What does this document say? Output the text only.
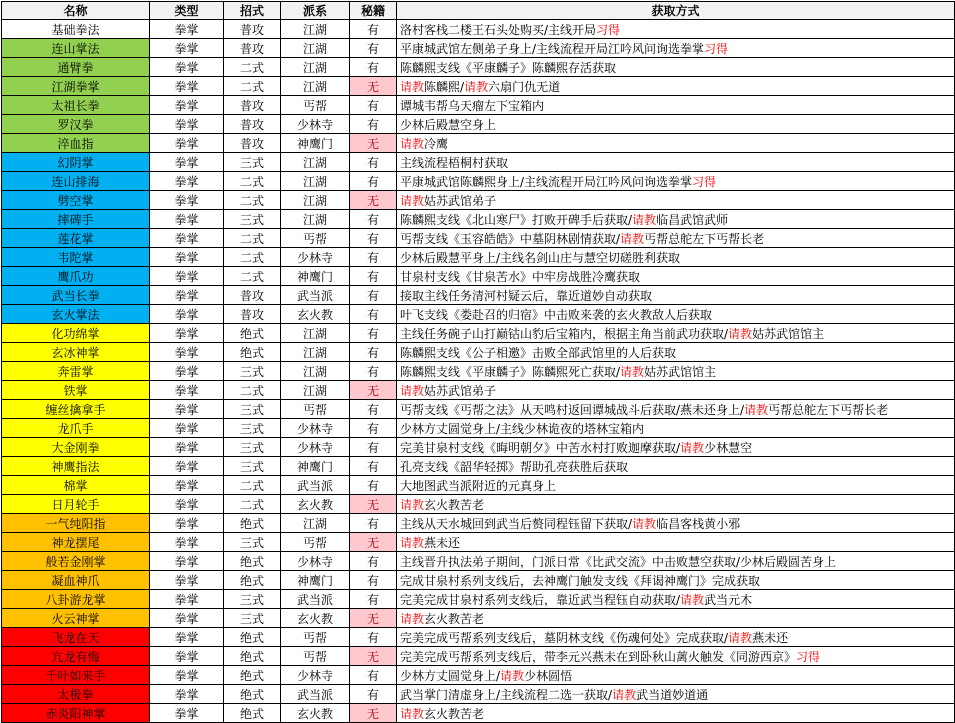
名称	类型	招式	派系	秘籍	获取方式
基础拳法	拳掌	普攻	江湖	有	洛村客栈二楼王石头处购买/主线开局习得
连山掌法	拳掌	普攻	江湖	有	平康城武馆左侧弟子身上/主线流程开局江吟风问询选拳掌习得
通臂拳	拳掌	二式	江湖	有	陈麟熙支线《平康麟子》陈麟熙存活获取
江湖拳掌	拳掌	二式	江湖	无	请教陈麟熙/请教六扇门仇无道
太祖长拳	拳掌	普攻	丐帮	有	谭城韦帮乌天瘤左下宝箱内
罗汉拳	拳掌	普攻	少林寺	有	少林后殿慧空身上
淬血指	拳掌	普攻	神鹰门	无	请教冷鹰
幻阴掌	拳掌	三式	江湖	有	主线流程梧桐村获取
连山排海	拳掌	二式	江湖	有	平康城武馆陈麟熙身上/主线流程开局江吟风问询选拳掌习得
劈空掌	拳掌	二式	江湖	无	请教姑苏武馆弟子
摔碑手	拳掌	三式	江湖	有	陈麟熙支线《北山寒尸》打败开碑手后获取/请教临昌武馆武师
莲花掌	拳掌	二式	丐帮	有	丐帮支线《玉容皓皓》中墓阴林剧情获取/请教丐帮总舵左下丐帮长老
韦陀掌	拳掌	二式	少林寺	有	少林后殿慧平身上/主线名剑山庄与慧空切磋胜利获取
鹰爪功	拳掌	二式	神鹰门	有	甘泉村支线《甘泉苦水》中牢房战胜冷鹰获取
武当长拳	拳掌	普攻	武当派	有	接取主线任务清河村疑云后，靠近道妙自动获取
玄火掌法	拳掌	普攻	玄火教	有	叶飞支线《娄赴召的归宿》中击败来袭的玄火教敌人后获取
化功绵掌	拳掌	绝式	江湖	有	主线任务碗子山打巅钴山豹后宝箱内，根据主角当前武功获取/请教姑苏武馆馆主
玄冰神掌	拳掌	绝式	江湖	有	陈麟熙支线《公子相邀》击败全部武馆里的人后获取
奔雷掌	拳掌	三式	江湖	有	陈麟熙支线《平康麟子》陈麟熙死亡获取/请教姑苏武馆馆主
铁掌	拳掌	二式	江湖	无	请教姑苏武馆弟子
缠丝擒拿手	拳掌	三式	丐帮	有	丐帮支线《丐帮之法》从天鸣村返回谭城战斗后获取/燕未还身上/请教丐帮总舵左下丐帮长老
龙爪手	拳掌	三式	少林寺	有	少林方丈圆觉身上/主线少林诡夜的塔林宝箱内
大金刚拳	拳掌	三式	少林寺	有	完美甘泉村支线《晦明朝夕》中苦水村打败迦摩获取/请教少林慧空
神鹰指法	拳掌	三式	神鹰门	有	孔亮支线《韶华轻掷》帮助孔亮获胜后获取
棉掌	拳掌	二式	武当派	有	大地图武当派附近的元真身上
日月轮手	拳掌	二式	玄火教	无	请教玄火教苦老
一气纯阳指	拳掌	绝式	江湖	有	主线从天水城回到武当后赘同程钰留下获取/请教临昌客栈黄小邪
神龙摆尾	拳掌	三式	丐帮	无	请教燕未还
般若金刚掌	拳掌	绝式	少林寺	有	主线晋升执法弟子期间，门派日常《比武交流》中击败慧空获取/少林后殿圆苦身上
凝血神爪	拳掌	绝式	神鹰门	有	完成甘泉村系列支线后，去神鹰门触发支线《拜谒神鹰门》完成获取
八卦游龙掌	拳掌	三式	武当派	有	完美完成甘泉村系列支线后，靠近武当程钰自动获取/请教武当元木
火云神掌	拳掌	三式	玄火教	无	请教玄火教苦老
飞龙在天	拳掌	绝式	丐帮	有	完美完成丐帮系列支线后，墓阴林支线《伤魂何处》完成获取/请教燕未还
亢龙有悔	拳掌	绝式	丐帮	无	完美完成丐帮系列支线后，带李元兴燕未在到卧秋山蓠火触发《同游西京》习得
千叶如来手	拳掌	绝式	少林寺	有	少林方丈圆觉身上/请教少林圆悟
太极拳	拳掌	绝式	武当派	有	武当掌门清虚身上/主线流程二选一获取/请教武当道妙道通
赤炎阳神掌	拳掌	绝式	玄火教	无	请教玄火教苦老
